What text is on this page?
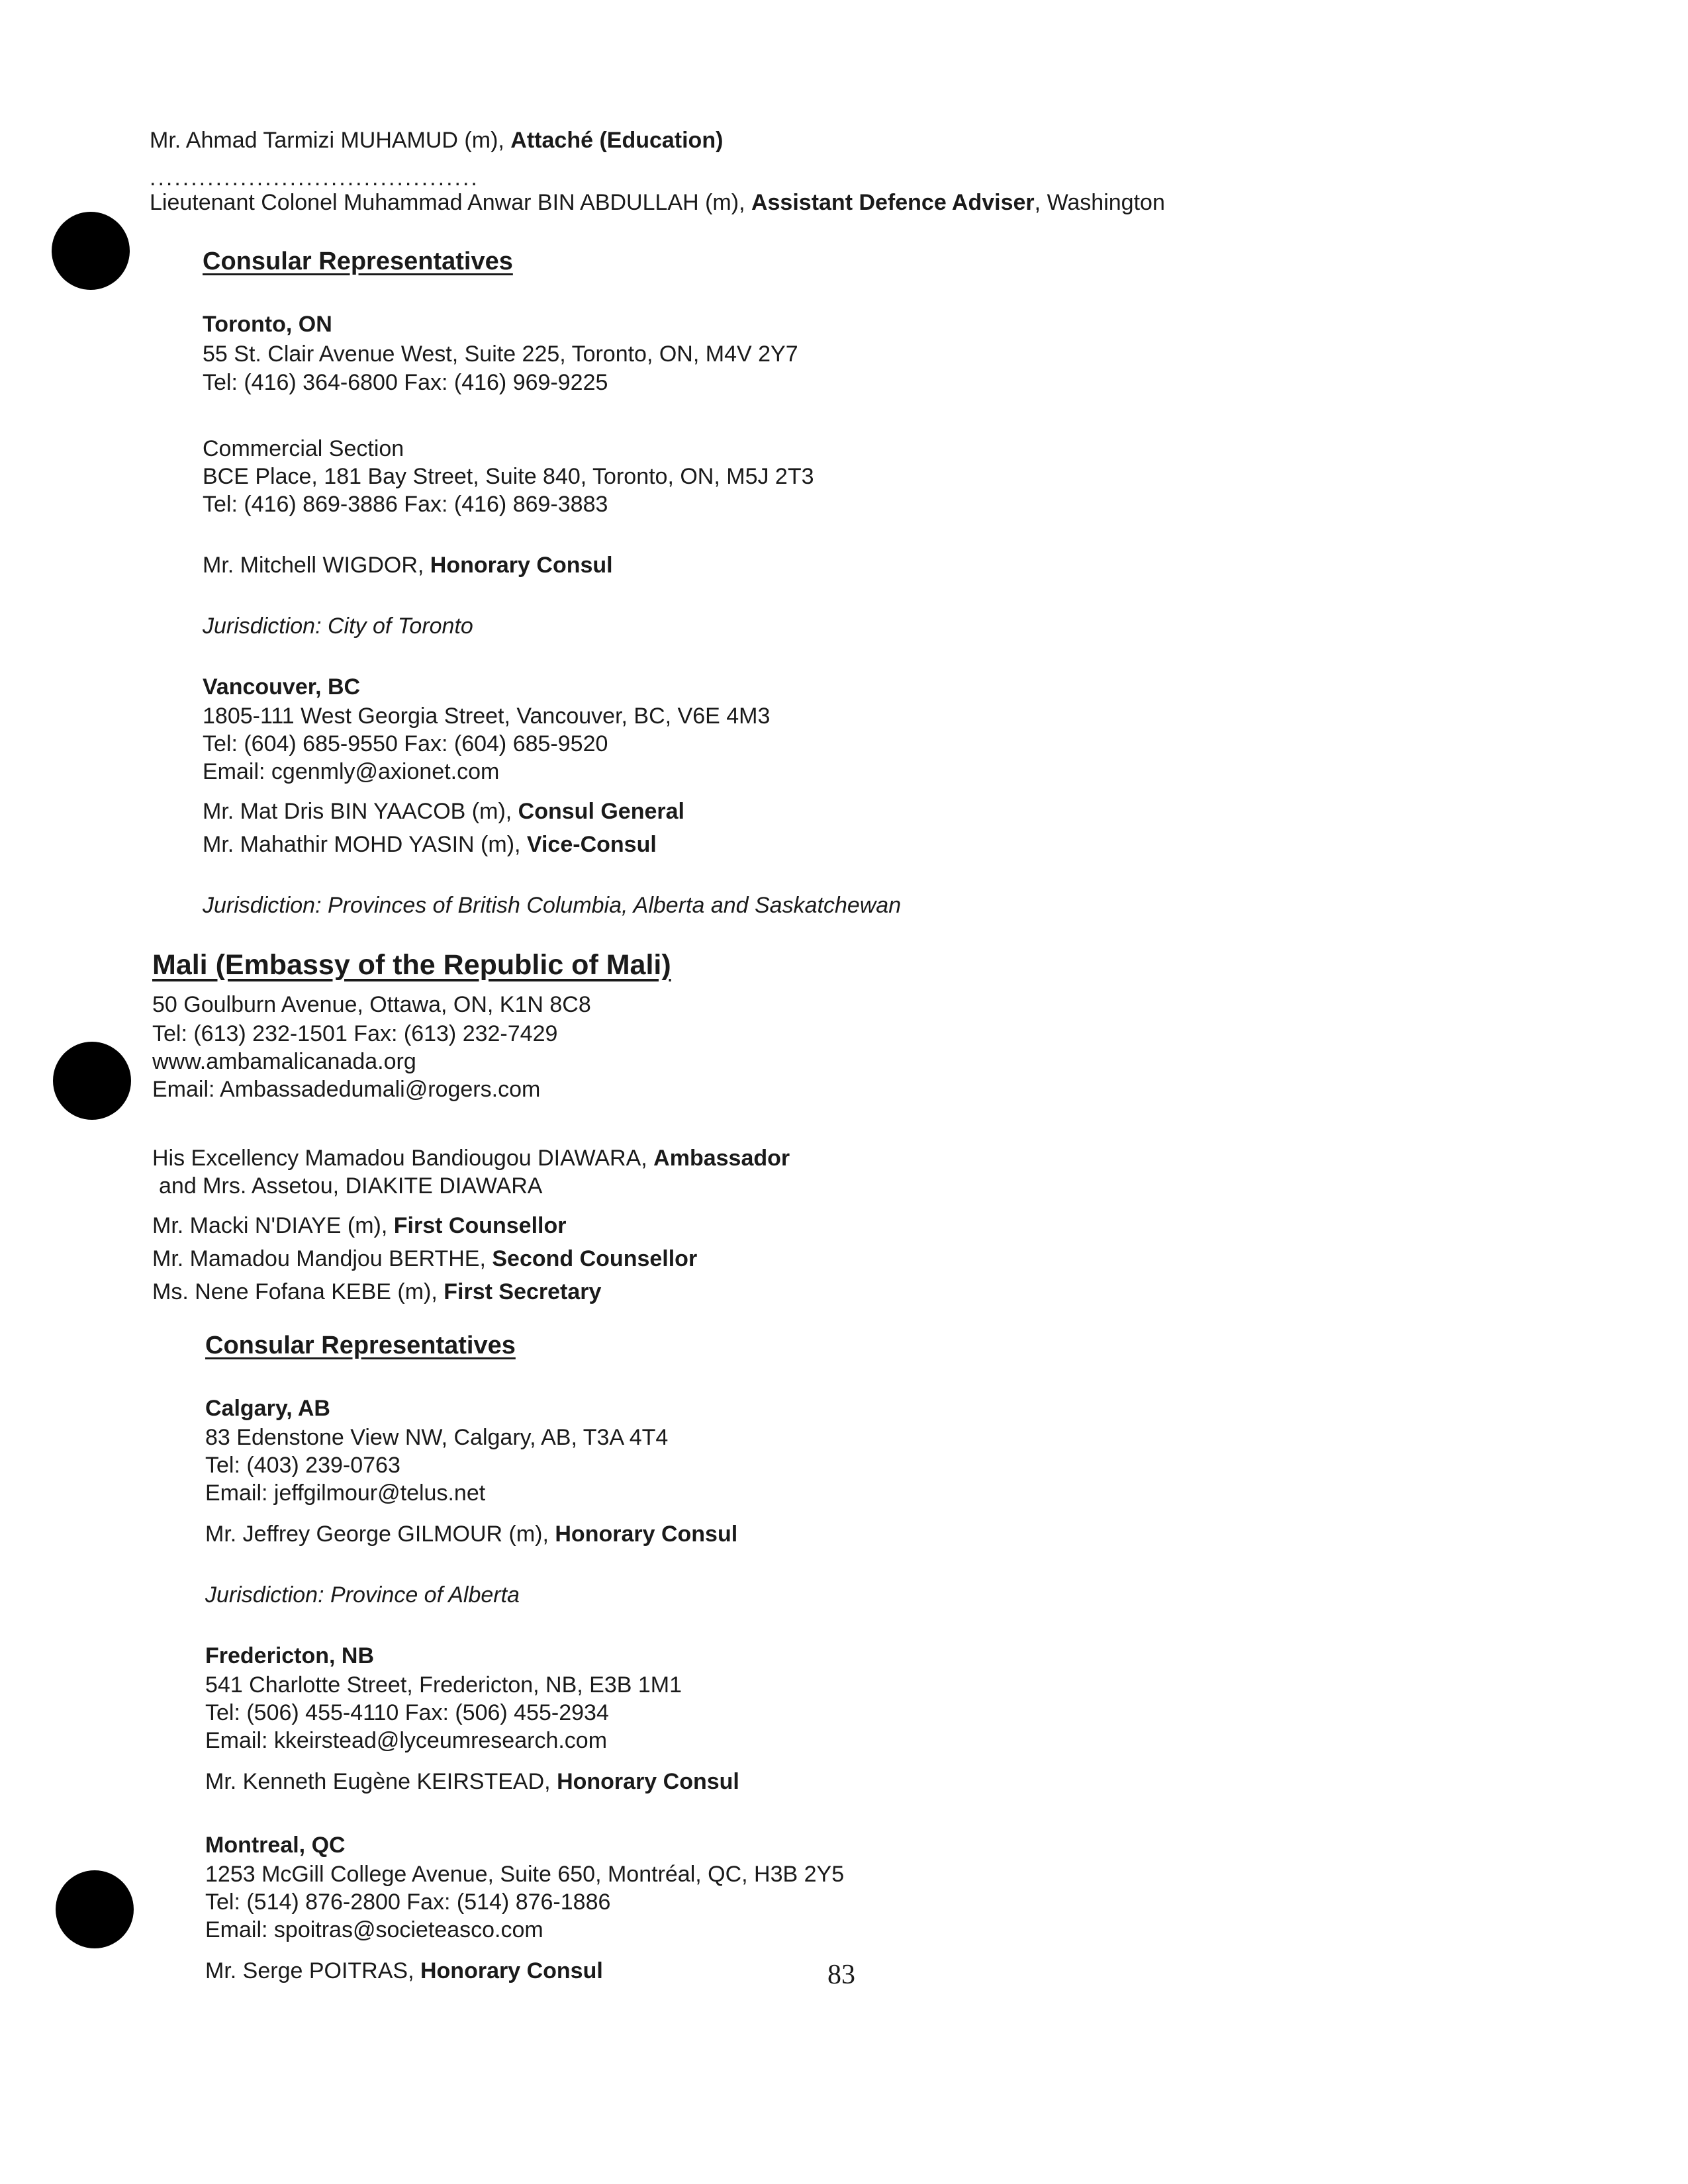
Mr. Ahmad Tarmizi MUHAMUD (m), Attaché (Education)
........................................
Lieutenant Colonel Muhammad Anwar BIN ABDULLAH (m), Assistant Defence Adviser, Washington
Consular Representatives
Toronto, ON
55 St. Clair Avenue West, Suite 225, Toronto, ON, M4V 2Y7
Tel: (416) 364-6800 Fax: (416) 969-9225
Commercial Section
BCE Place, 181 Bay Street, Suite 840, Toronto, ON, M5J 2T3
Tel: (416) 869-3886 Fax: (416) 869-3883
Mr. Mitchell WIGDOR, Honorary Consul
Jurisdiction: City of Toronto
Vancouver, BC
1805-111 West Georgia Street, Vancouver, BC, V6E 4M3
Tel: (604) 685-9550 Fax: (604) 685-9520
Email: cgenmly@axionet.com
Mr. Mat Dris BIN YAACOB (m), Consul General
Mr. Mahathir MOHD YASIN (m), Vice-Consul
Jurisdiction: Provinces of British Columbia, Alberta and Saskatchewan
Mali (Embassy of the Republic of Mali)
50 Goulburn Avenue, Ottawa, ON, K1N 8C8
Tel: (613) 232-1501 Fax: (613) 232-7429
www.ambamalicanada.org
Email: Ambassadedumali@rogers.com
His Excellency Mamadou Bandiougou DIAWARA, Ambassador
and Mrs. Assetou, DIAKITE DIAWARA
Mr. Macki N'DIAYE (m), First Counsellor
Mr. Mamadou Mandjou BERTHE, Second Counsellor
Ms. Nene Fofana KEBE (m), First Secretary
Consular Representatives
Calgary, AB
83 Edenstone View NW, Calgary, AB, T3A 4T4
Tel: (403) 239-0763
Email: jeffgilmour@telus.net
Mr. Jeffrey George GILMOUR (m), Honorary Consul
Jurisdiction: Province of Alberta
Fredericton, NB
541 Charlotte Street, Fredericton, NB, E3B 1M1
Tel: (506) 455-4110 Fax: (506) 455-2934
Email: kkeirstead@lyceumresearch.com
Mr. Kenneth Eugène KEIRSTEAD, Honorary Consul
Montreal, QC
1253 McGill College Avenue, Suite 650, Montréal, QC, H3B 2Y5
Tel: (514) 876-2800 Fax: (514) 876-1886
Email: spoitras@societeasco.com
Mr. Serge POITRAS, Honorary Consul	83
